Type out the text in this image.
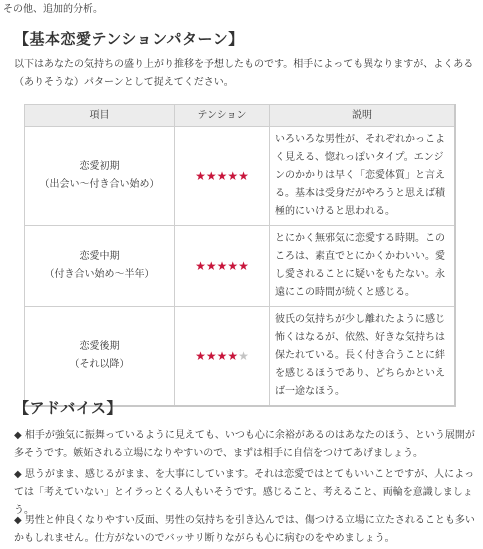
その他、追加的分析。

【基本恋愛テンションパターン】

以下はあなたの気持ちの盛り上がり推移を予想したものです。相手によっても異なりますが、よくある（ありそうな）パターンとして捉えてください。

項目	テンション	説明

恋愛初期
（出会い〜付き合い始め）	★★★★★	いろいろな男性が、それぞれかっこよく見える、惚れっぽいタイプ。エンジンのかかりは早く「恋愛体質」と言える。基本は受身だがやろうと思えば積極的にいけると思われる。

恋愛中期
（付き合い始め〜半年）	★★★★★	とにかく無邪気に恋愛する時期。このころは、素直でとにかくかわいい。愛し愛されることに疑いをもたない。永遠にこの時間が続くと感じる。

恋愛後期
（それ以降）	★★★★★	彼氏の気持ちが少し離れたように感じ怖くはなるが、依然、好きな気持ちは保たれている。長く付き合うことに絆を感じるほうであり、どちらかといえば一途なほう。
【アドバイス】

◆ 相手が強気に振舞っているように見えても、いつも心に余裕があるのはあなたのほう、という展開が多そうです。嫉妬される立場になりやすいので、まずは相手に自信をつけてあげましょう。

◆ 思うがまま、感じるがまま、を大事にしています。それは恋愛ではとてもいいことですが、人によっては「考えていない」とイラっとくる人もいそうです。感じること、考えること、両輪を意識しましょう。

◆ 男性と仲良くなりやすい反面、男性の気持ちを引き込んでは、傷つける立場に立たされることも多いかもしれません。仕方がないのでバッサリ断りながらも心に病むのをやめましょう。
